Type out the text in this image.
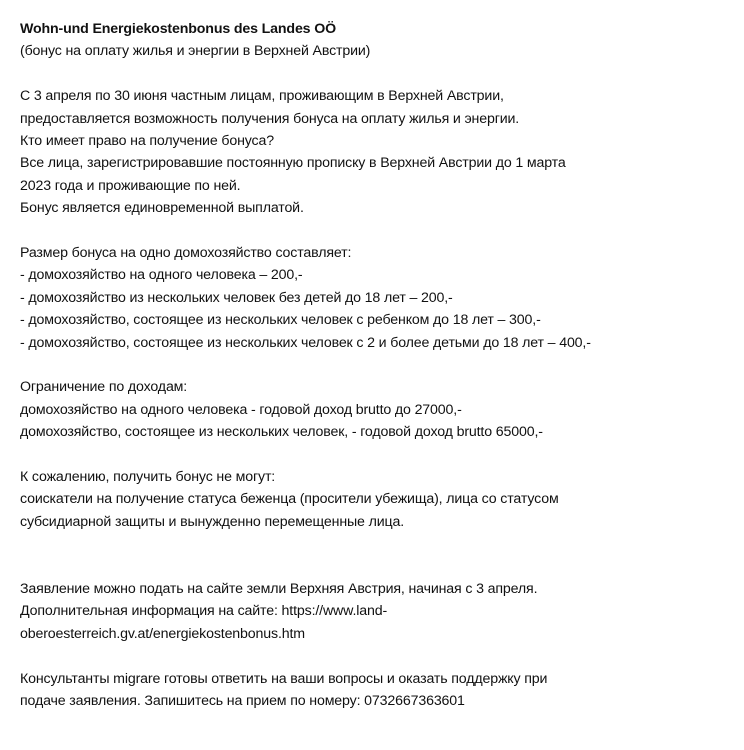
Wohn-und Energiekostenbonus des Landes OÖ
(бонус на оплату жилья и энергии в Верхней Австрии)
С 3 апреля по 30 июня частным лицам, проживающим в Верхней Австрии,
предоставляется возможность получения бонуса на оплату жилья и энергии.
Кто имеет право на получение бонуса?
Все лица, зарегистрировавшие постоянную прописку в Верхней Австрии до 1 марта
2023 года и проживающие по ней.
Бонус является единовременной выплатой.
Размер бонуса на одно домохозяйство составляет:
- домохозяйство на одного человека – 200,-
- домохозяйство из нескольких человек без детей до 18 лет – 200,-
- домохозяйство, состоящее из нескольких человек с ребенком до 18 лет – 300,-
- домохозяйство, состоящее из нескольких человек с 2 и более детьми до 18 лет – 400,-
Ограничение по доходам:
домохозяйство на одного человека - годовой доход brutto до 27000,-
домохозяйство, состоящее из нескольких человек, - годовой доход brutto 65000,-
К сожалению, получить бонус не могут:
соискатели на получение статуса беженца (просители убежища), лица со статусом
субсидиарной защиты и вынужденно перемещенные лица.
Заявление можно подать на сайте земли Верхняя Австрия, начиная с 3 апреля.
Дополнительная информация на сайте: https://www.land-
oberoesterreich.gv.at/energiekostenbonus.htm
Консультанты migrare готовы ответить на ваши вопросы и оказать поддержку при
подаче заявления. Запишитесь на прием по номеру: 0732667363601
